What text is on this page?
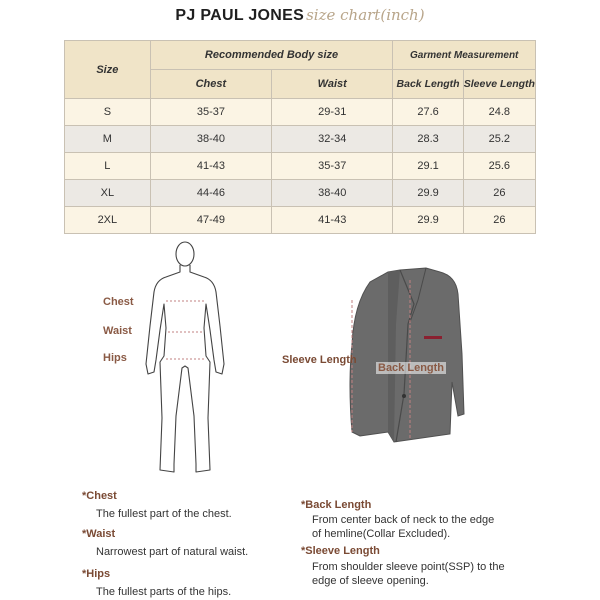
PJ PAUL JONES size chart(inch)
Size	Recommended Body size		Garment Measurement	
	Chest	Waist	Back Length	Sleeve Length
S	35-37	29-31	27.6	24.8
M	38-40	32-34	28.3	25.2
L	41-43	35-37	29.1	25.6
XL	44-46	38-40	29.9	26
2XL	47-49	41-43	29.9	26
Chest
Waist
Hips	Sleeve Length
Back Length
*Chest
The fullest part of the chest.
*Waist
Narrowest part of natural waist.
*Hips
The fullest parts of the hips.
*Back Length
From center back of neck to the edge
of hemline(Collar Excluded).
*Sleeve Length
From shoulder sleeve point(SSP) to the
edge of sleeve opening.
